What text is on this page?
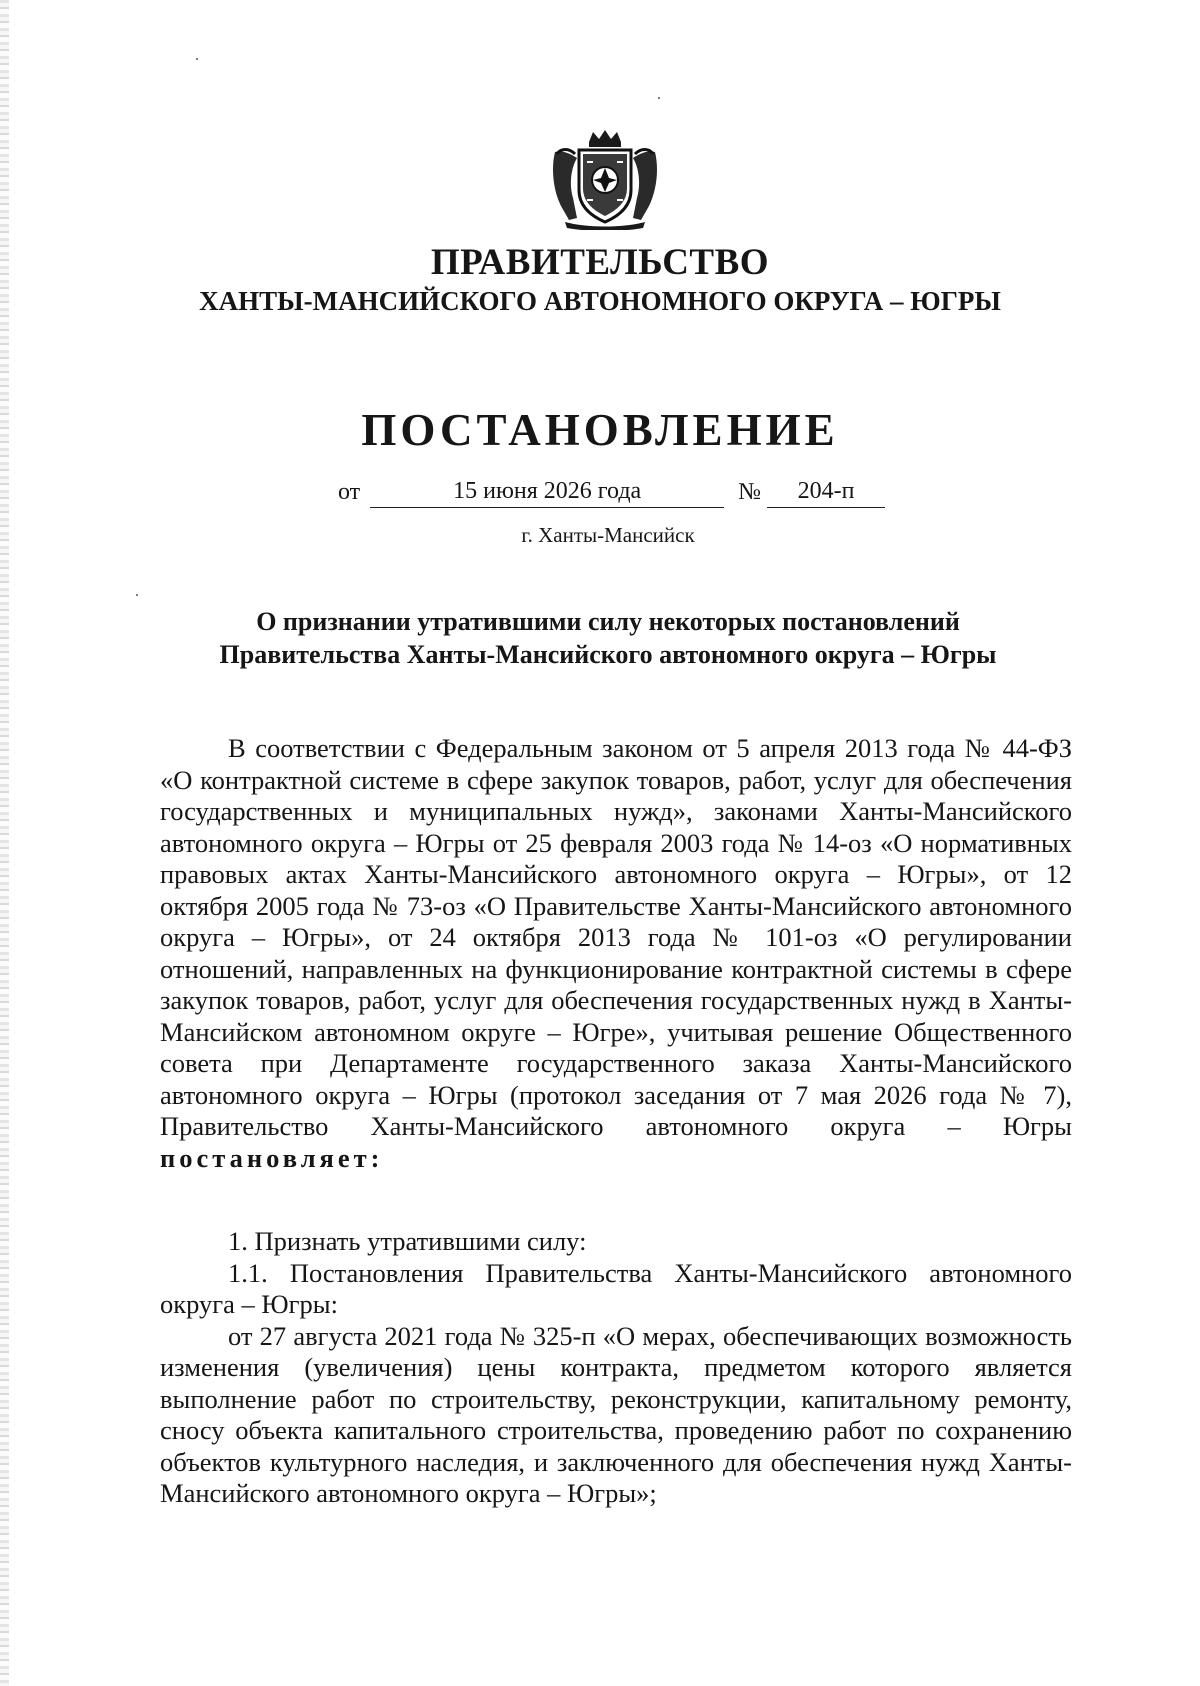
ПРАВИТЕЛЬСТВО
ХАНТЫ-МАНСИЙСКОГО АВТОНОМНОГО ОКРУГА – ЮГРЫ
ПОСТАНОВЛЕНИЕ
от	15 июня 2026 года	№ 204-п
г. Ханты-Мансийск
О признании утратившими силу некоторых постановлений
Правительства Ханты-Мансийского автономного округа – Югры

В соответствии с Федеральным законом от 5 апреля 2013 года № 44-ФЗ «О контрактной системе в сфере закупок товаров, работ, услуг для обеспечения государственных и муниципальных нужд», законами Ханты-Мансийского автономного округа – Югры от 25 февраля 2003 года № 14-оз «О нормативных правовых актах Ханты-Мансийского автономного округа – Югры», от 12 октября 2005 года № 73-оз «О Правительстве Ханты-Мансийского автономного округа – Югры», от 24 октября 2013 года № 101-оз «О регулировании отношений, направленных на функционирование контрактной системы в сфере закупок товаров, работ, услуг для обеспечения государственных нужд в Ханты-Мансийском автономном округе – Югре», учитывая решение Общественного совета при Департаменте государственного заказа Ханты-Мансийского автономного округа – Югры (протокол заседания от 7 мая 2026 года № 7), Правительство Ханты-Мансийского автономного округа – Югры постановляет:

1. Признать утратившими силу:

1.1. Постановления Правительства Ханты-Мансийского автономного округа – Югры:

от 27 августа 2021 года № 325-п «О мерах, обеспечивающих возможность изменения (увеличения) цены контракта, предметом которого является выполнение работ по строительству, реконструкции, капитальному ремонту, сносу объекта капитального строительства, проведению работ по сохранению объектов культурного наследия, и заключенного для обеспечения нужд Ханты-Мансийского автономного округа – Югры»;
